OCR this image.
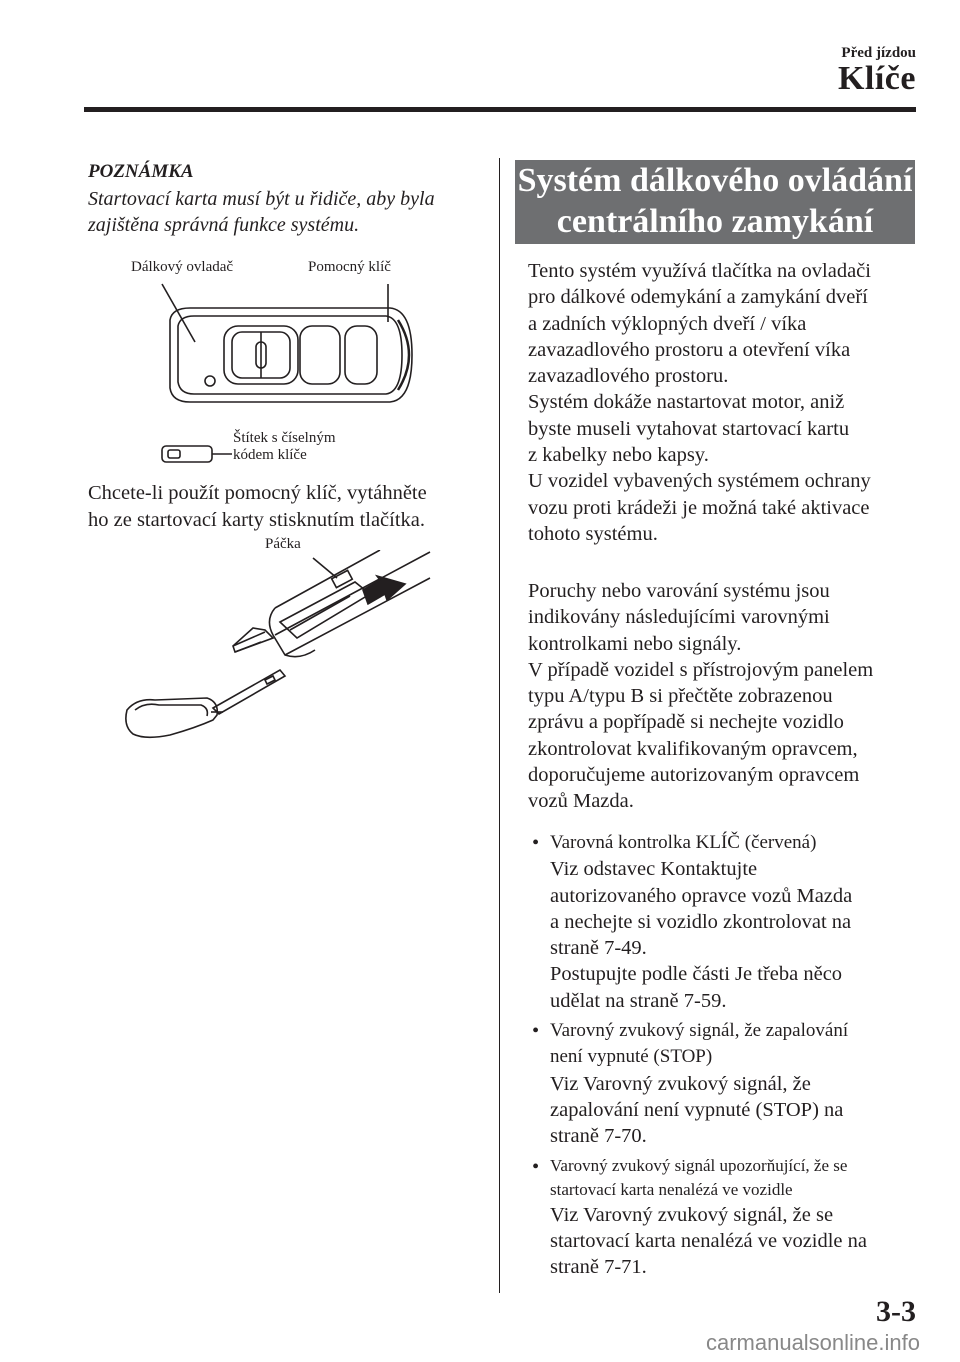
Před jízdou
Klíče
POZNÁMKA
Startovací karta musí být u řidiče, aby byla zajištěna správná funkce systému.
Dálkový ovladač	Pomocný klíč
Štítek s číselným
kódem klíče
Chcete-li použít pomocný klíč, vytáhněte
ho ze startovací karty stisknutím tlačítka.
Páčka
Systém dálkového ovládání
centrálního zamykání
Tento systém využívá tlačítka na ovladači
pro dálkové odemykání a zamykání dveří
a zadních výklopných dveří / víka
zavazadlového prostoru a otevření víka
zavazadlového prostoru.
Systém dokáže nastartovat motor, aniž
byste museli vytahovat startovací kartu
z kabelky nebo kapsy.
U vozidel vybavených systémem ochrany
vozu proti krádeži je možná také aktivace
tohoto systému.
Poruchy nebo varování systému jsou
indikovány následujícími varovnými
kontrolkami nebo signály.
V případě vozidel s přístrojovým panelem
typu A/typu B si přečtěte zobrazenou
zprávu a popřípadě si nechejte vozidlo
zkontrolovat kvalifikovaným opravcem,
doporučujeme autorizovaným opravcem
vozů Mazda.
• Varovná kontrolka KLÍČ (červená)
Viz odstavec Kontaktujte
autorizovaného opravce vozů Mazda
a nechejte si vozidlo zkontrolovat na
straně 7-49.
Postupujte podle části Je třeba něco
udělat na straně 7-59.
• Varovný zvukový signál, že zapalování
není vypnuté (STOP)
Viz Varovný zvukový signál, že
zapalování není vypnuté (STOP) na
straně 7-70.
• Varovný zvukový signál upozorňující, že se
startovací karta nenalézá ve vozidle
Viz Varovný zvukový signál, že se
startovací karta nenalézá ve vozidle na
straně 7-71.
3-3
carmanualsonline.info
